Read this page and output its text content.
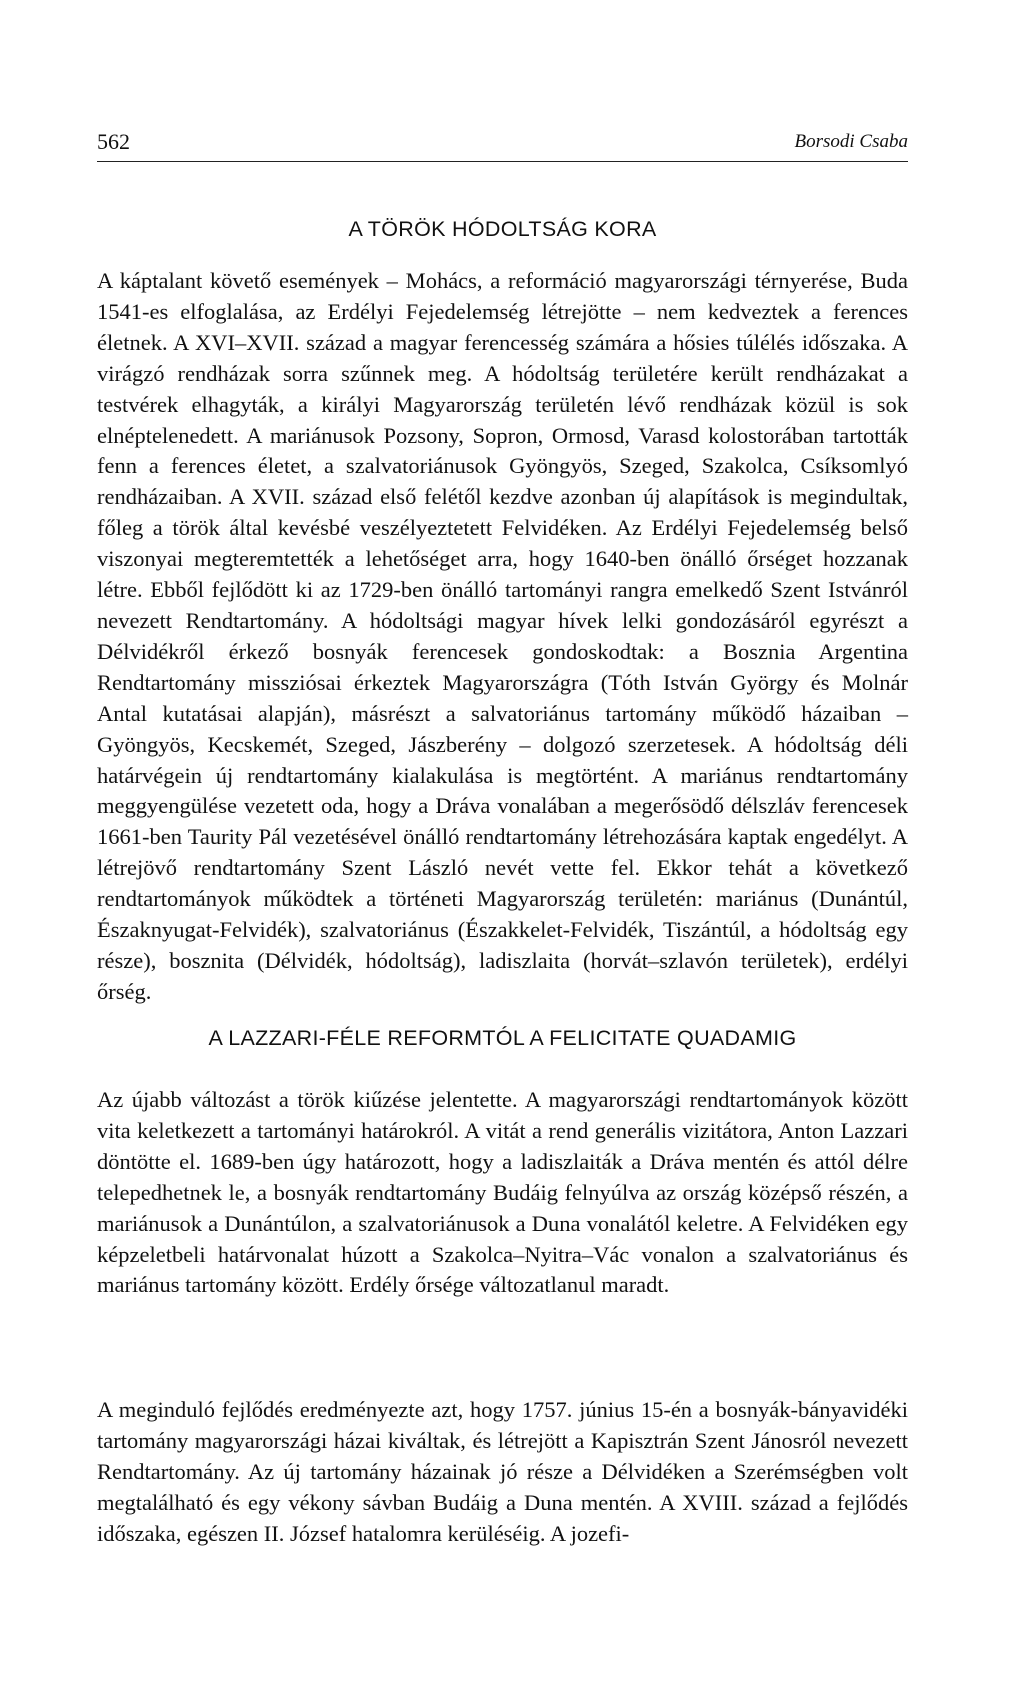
562	Borsodi Csaba
A TÖRÖK HÓDOLTSÁG KORA

A káptalant követő események – Mohács, a reformáció magyarországi térnyerése, Buda 1541-es elfoglalása, az Erdélyi Fejedelemség létrejötte – nem kedveztek a ferences életnek. A XVI–XVII. század a magyar ferencesség számára a hősies túlélés időszaka. A virágzó rendházak sorra szűnnek meg. A hódoltság területére került rendházakat a testvérek elhagyták, a királyi Magyarország területén lévő rendházak közül is sok elnéptelenedett. A mariánusok Pozsony, Sopron, Ormosd, Varasd kolostorában tartották fenn a ferences életet, a szalvatoriánusok Gyöngyös, Szeged, Szakolca, Csíksomlyó rendházaiban. A XVII. század első felétől kezdve azonban új alapítások is megindultak, főleg a török által kevésbé veszélyeztetett Felvidéken. Az Erdélyi Fejedelemség belső viszonyai megteremtették a lehetőséget arra, hogy 1640-ben önálló őrséget hozzanak létre. Ebből fejlődött ki az 1729-ben önálló tartományi rangra emelkedő Szent Istvánról nevezett Rendtartomány. A hódoltsági magyar hívek lelki gondozásáról egyrészt a Délvidékről érkező bosnyák ferencesek gondoskodtak: a Bosznia Argentina Rendtartomány missziósai érkeztek Magyarországra (Tóth István György és Molnár Antal kutatásai alapján), másrészt a salvatoriánus tartomány működő házaiban – Gyöngyös, Kecskemét, Szeged, Jászberény – dolgozó szerzetesek. A hódoltság déli határvégein új rendtartomány kialakulása is megtörtént. A mariánus rendtartomány meggyengülése vezetett oda, hogy a Dráva vonalában a megerősödő délszláv ferencesek 1661-ben Taurity Pál vezetésével önálló rendtartomány létrehozására kaptak engedélyt. A létrejövő rendtartomány Szent László nevét vette fel. Ekkor tehát a következő rendtartományok működtek a történeti Magyarország területén: mariánus (Dunántúl, Északnyugat-Felvidék), szalvatoriánus (Északkelet-Felvidék, Tiszántúl, a hódoltság egy része), bosznita (Délvidék, hódoltság), ladiszlaita (horvát–szlavón területek), erdélyi őrség.

A LAZZARI-FÉLE REFORMTÓL A FELICITATE QUADAMIG

Az újabb változást a török kiűzése jelentette. A magyarországi rendtartományok között vita keletkezett a tartományi határokról. A vitát a rend generális vizitátora, Anton Lazzari döntötte el. 1689-ben úgy határozott, hogy a ladiszlaiták a Dráva mentén és attól délre telepedhetnek le, a bosnyák rendtartomány Budáig felnyúlva az ország középső részén, a mariánusok a Dunántúlon, a szalvatoriánusok a Duna vonalától keletre. A Felvidéken egy képzeletbeli határvonalat húzott a Szakolca–Nyitra–Vác vonalon a szalvatoriánus és mariánus tartomány között. Erdély őrsége változatlanul maradt.

A meginduló fejlődés eredményezte azt, hogy 1757. június 15-én a bosnyák-bányavidéki tartomány magyarországi házai kiváltak, és létrejött a Kapisztrán Szent Jánosról nevezett Rendtartomány. Az új tartomány házainak jó része a Délvidéken a Szerémségben volt megtalálható és egy vékony sávban Budáig a Duna mentén. A XVIII. század a fejlődés időszaka, egészen II. József hatalomra kerüléséig. A jozefi-
